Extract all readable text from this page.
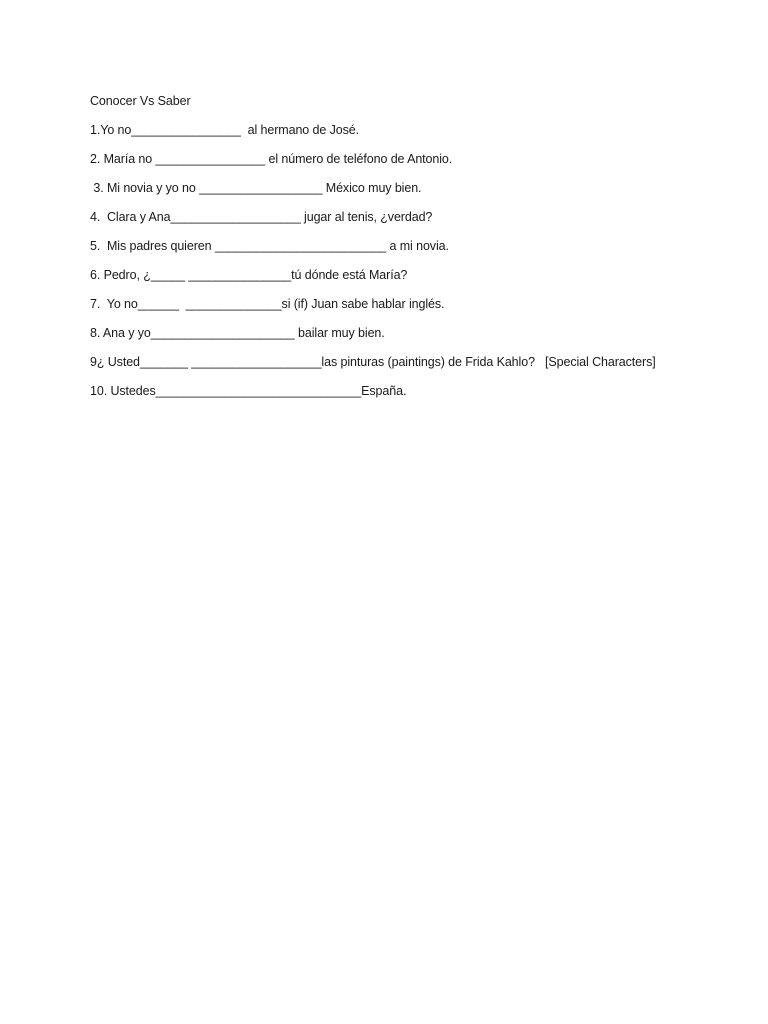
Conocer Vs Saber
1.Yo no________________  al hermano de José.
2. María no ________________ el número de teléfono de Antonio.
3. Mi novia y yo no __________________ México muy bien.
4.  Clara y Ana___________________ jugar al tenis, ¿verdad?
5.  Mis padres quieren _________________________ a mi novia.
6. Pedro, ¿_____ _______________tú dónde está María?
7.  Yo no______  ______________si (if) Juan sabe hablar inglés.
8. Ana y yo_____________________ bailar muy bien.
9¿ Usted_______ ___________________las pinturas (paintings) de Frida Kahlo?   [Special Characters]
10. Ustedes______________________________España.
